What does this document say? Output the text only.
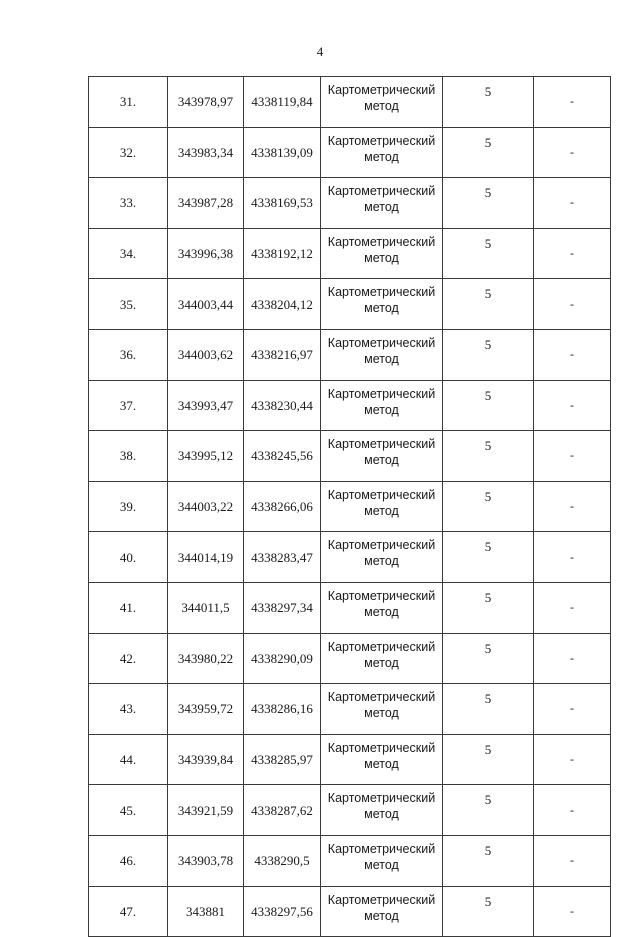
4
31.	343978,97	4338119,84	Картометрический метод	5	-
32.	343983,34	4338139,09	Картометрический метод	5	-
33.	343987,28	4338169,53	Картометрический метод	5	-
34.	343996,38	4338192,12	Картометрический метод	5	-
35.	344003,44	4338204,12	Картометрический метод	5	-
36.	344003,62	4338216,97	Картометрический метод	5	-
37.	343993,47	4338230,44	Картометрический метод	5	-
38.	343995,12	4338245,56	Картометрический метод	5	-
39.	344003,22	4338266,06	Картометрический метод	5	-
40.	344014,19	4338283,47	Картометрический метод	5	-
41.	344011,5	4338297,34	Картометрический метод	5	-
42.	343980,22	4338290,09	Картометрический метод	5	-
43.	343959,72	4338286,16	Картометрический метод	5	-
44.	343939,84	4338285,97	Картометрический метод	5	-
45.	343921,59	4338287,62	Картометрический метод	5	-
46.	343903,78	4338290,5	Картометрический метод	5	-
47.	343881	4338297,56	Картометрический метод	5	-
